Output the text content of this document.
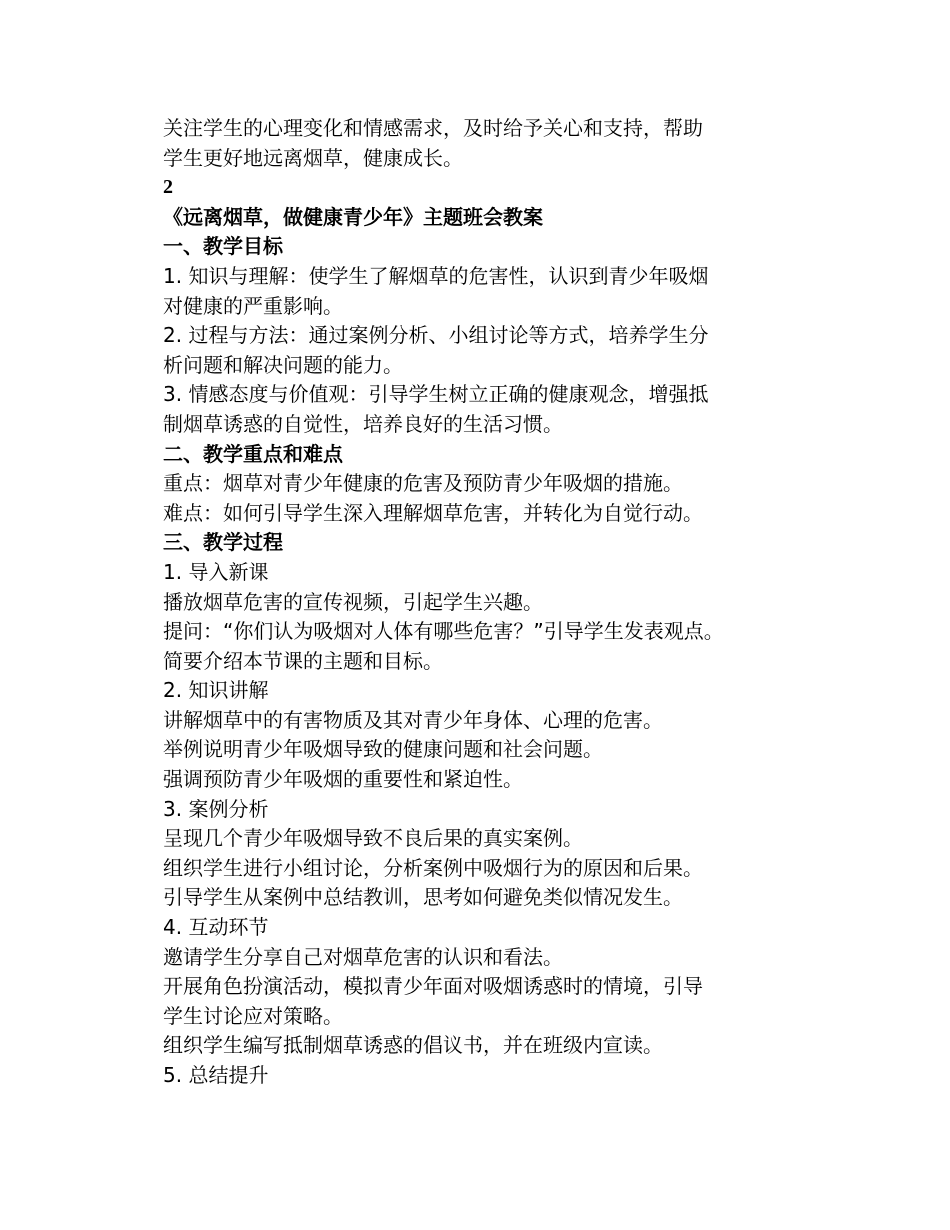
关注学生的心理变化和情感需求，及时给予关心和支持，帮助

学生更好地远离烟草，健康成长。

2

《远离烟草，做健康青少年》主题班会教案

一、教学目标

1. 知识与理解：使学生了解烟草的危害性，认识到青少年吸烟

对健康的严重影响。

2. 过程与方法：通过案例分析、小组讨论等方式，培养学生分

析问题和解决问题的能力。

3. 情感态度与价值观：引导学生树立正确的健康观念，增强抵

制烟草诱惑的自觉性，培养良好的生活习惯。

二、教学重点和难点

重点：烟草对青少年健康的危害及预防青少年吸烟的措施。

难点：如何引导学生深入理解烟草危害，并转化为自觉行动。

三、教学过程

1. 导入新课

播放烟草危害的宣传视频，引起学生兴趣。

提问：“你们认为吸烟对人体有哪些危害？”引导学生发表观点。

简要介绍本节课的主题和目标。

2. 知识讲解

讲解烟草中的有害物质及其对青少年身体、心理的危害。

举例说明青少年吸烟导致的健康问题和社会问题。

强调预防青少年吸烟的重要性和紧迫性。

3. 案例分析

呈现几个青少年吸烟导致不良后果的真实案例。

组织学生进行小组讨论，分析案例中吸烟行为的原因和后果。

引导学生从案例中总结教训，思考如何避免类似情况发生。

4. 互动环节

邀请学生分享自己对烟草危害的认识和看法。

开展角色扮演活动，模拟青少年面对吸烟诱惑时的情境，引导

学生讨论应对策略。

组织学生编写抵制烟草诱惑的倡议书，并在班级内宣读。

5. 总结提升
